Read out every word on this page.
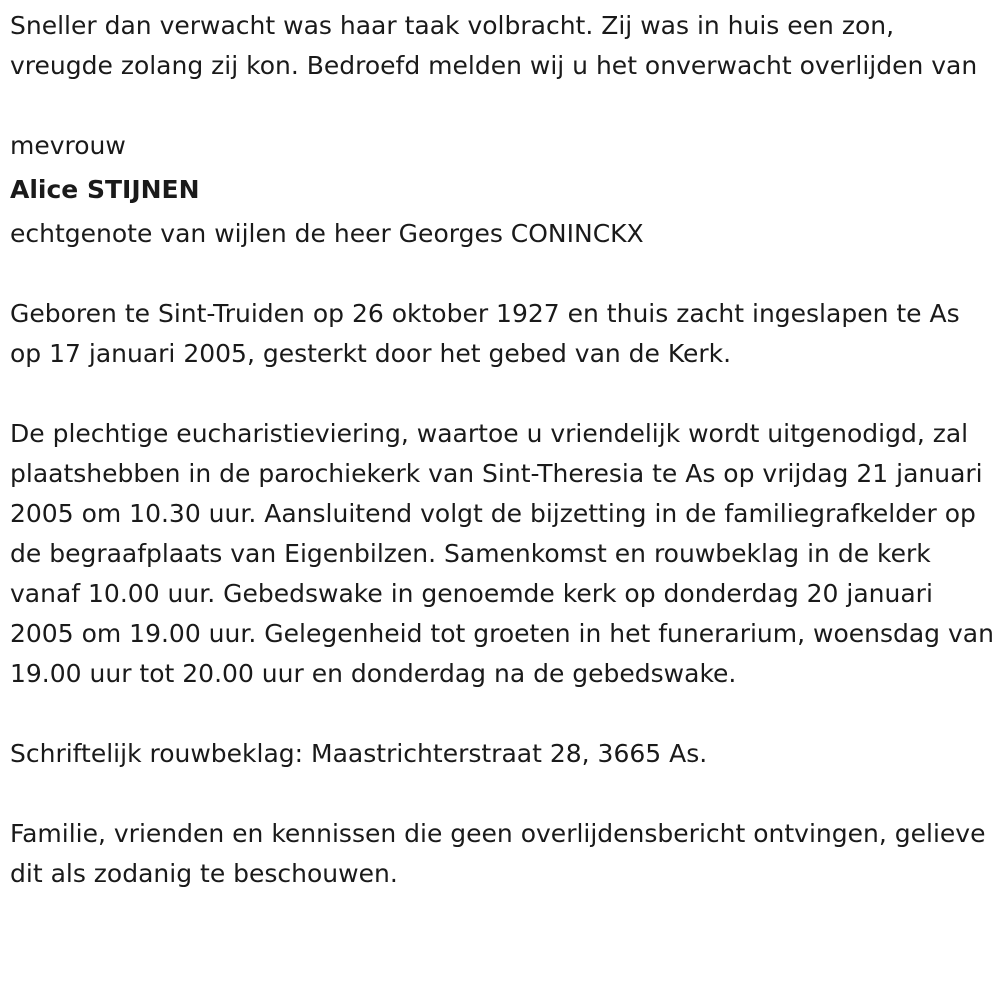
Sneller dan verwacht was haar taak volbracht. Zij was in huis een zon, vreugde zolang zij kon. Bedroefd melden wij u het onverwacht overlijden van

mevrouw

Alice STIJNEN

echtgenote van wijlen de heer Georges CONINCKX

Geboren te Sint-Truiden op 26 oktober 1927 en thuis zacht ingeslapen te As op 17 januari 2005, gesterkt door het gebed van de Kerk.

De plechtige eucharistieviering, waartoe u vriendelijk wordt uitgenodigd, zal plaatshebben in de parochiekerk van Sint-Theresia te As op vrijdag 21 januari 2005 om 10.30 uur. Aansluitend volgt de bijzetting in de familiegrafkelder op de begraafplaats van Eigenbilzen. Samenkomst en rouwbeklag in de kerk vanaf 10.00 uur. Gebedswake in genoemde kerk op donderdag 20 januari 2005 om 19.00 uur. Gelegenheid tot groeten in het funerarium, woensdag van 19.00 uur tot 20.00 uur en donderdag na de gebedswake.

Schriftelijk rouwbeklag: Maastrichterstraat 28, 3665 As.

Familie, vrienden en kennissen die geen overlijdensbericht ontvingen, gelieve dit als zodanig te beschouwen.
